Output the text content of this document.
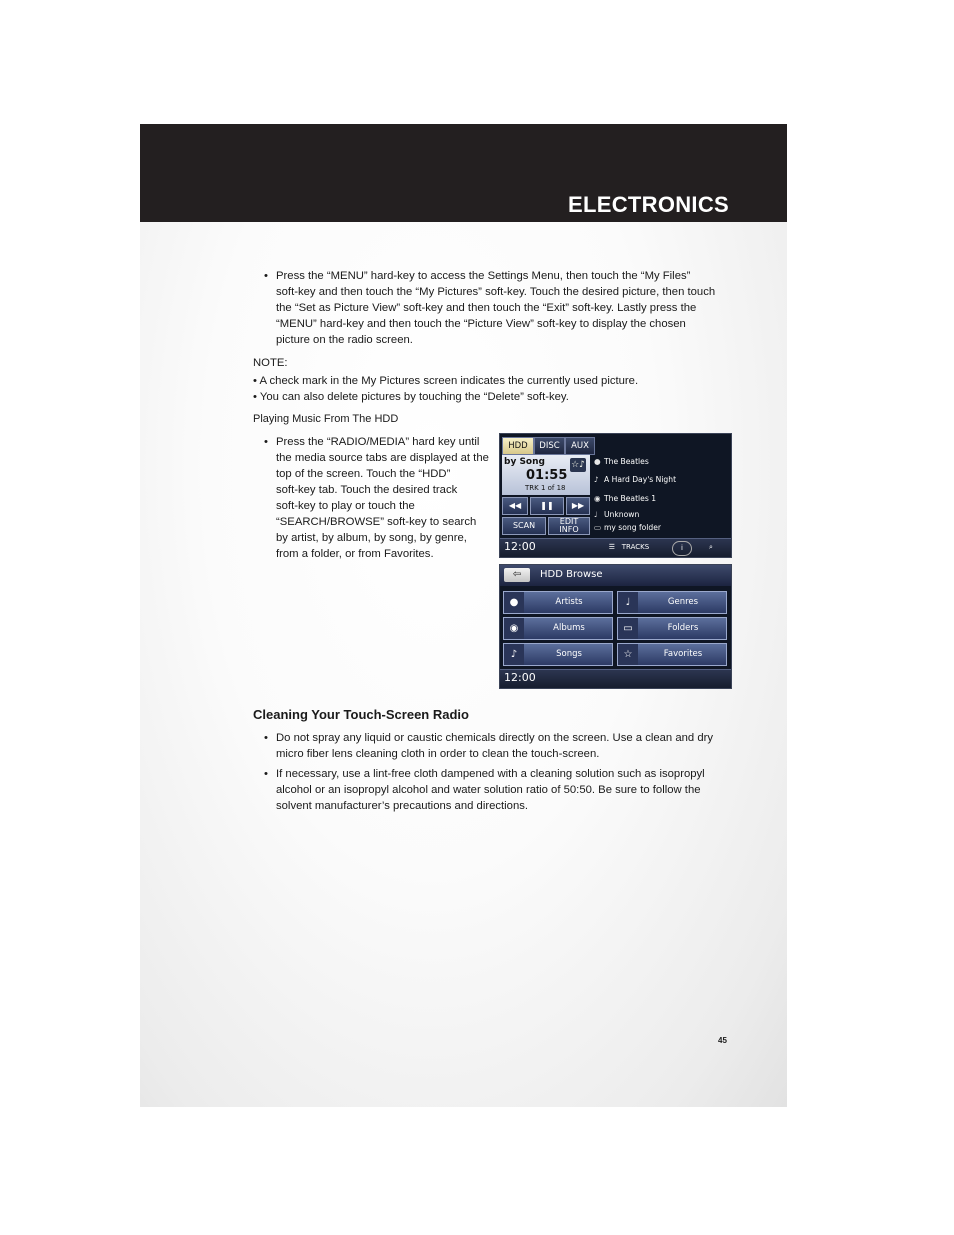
ELECTRONICS
• Press the “MENU” hard-key to access the Settings Menu, then touch the “My Files”
soft-key and then touch the “My Pictures” soft-key. Touch the desired picture, then touch
the “Set as Picture View” soft-key and then touch the “Exit” soft-key. Lastly press the
“MENU” hard-key and then touch the “Picture View” soft-key to display the chosen
picture on the radio screen.
NOTE:
• A check mark in the My Pictures screen indicates the currently used picture.
• You can also delete pictures by touching the “Delete” soft-key.
Playing Music From The HDD
• Press the “RADIO/MEDIA” hard key until
the media source tabs are displayed at the
top of the screen. Touch the “HDD”
soft-key tab. Touch the desired track
soft-key to play or touch the
“SEARCH/BROWSE” soft-key to search
by artist, by album, by song, by genre,
from a folder, or from Favorites.
HDD	DISC	AUX
by Song	☆♪
01:55
TRK 1 of 18
◀◀	❚❚	▶▶
SCAN	EDIT
INFO
● The Beatles
♪ A Hard Day's Night
◉ The Beatles 1
♩ Unknown
▭ my song folder
12:00	☰ TRACKS	i	⌕
⇦	HDD Browse
●	Artists	♩	Genres
◉	Albums	▭	Folders
♪	Songs	☆	Favorites
12:00
Cleaning Your Touch-Screen Radio
• Do not spray any liquid or caustic chemicals directly on the screen. Use a clean and dry
micro fiber lens cleaning cloth in order to clean the touch-screen.
• If necessary, use a lint-free cloth dampened with a cleaning solution such as isopropyl
alcohol or an isopropyl alcohol and water solution ratio of 50:50. Be sure to follow the
solvent manufacturer’s precautions and directions.
45
